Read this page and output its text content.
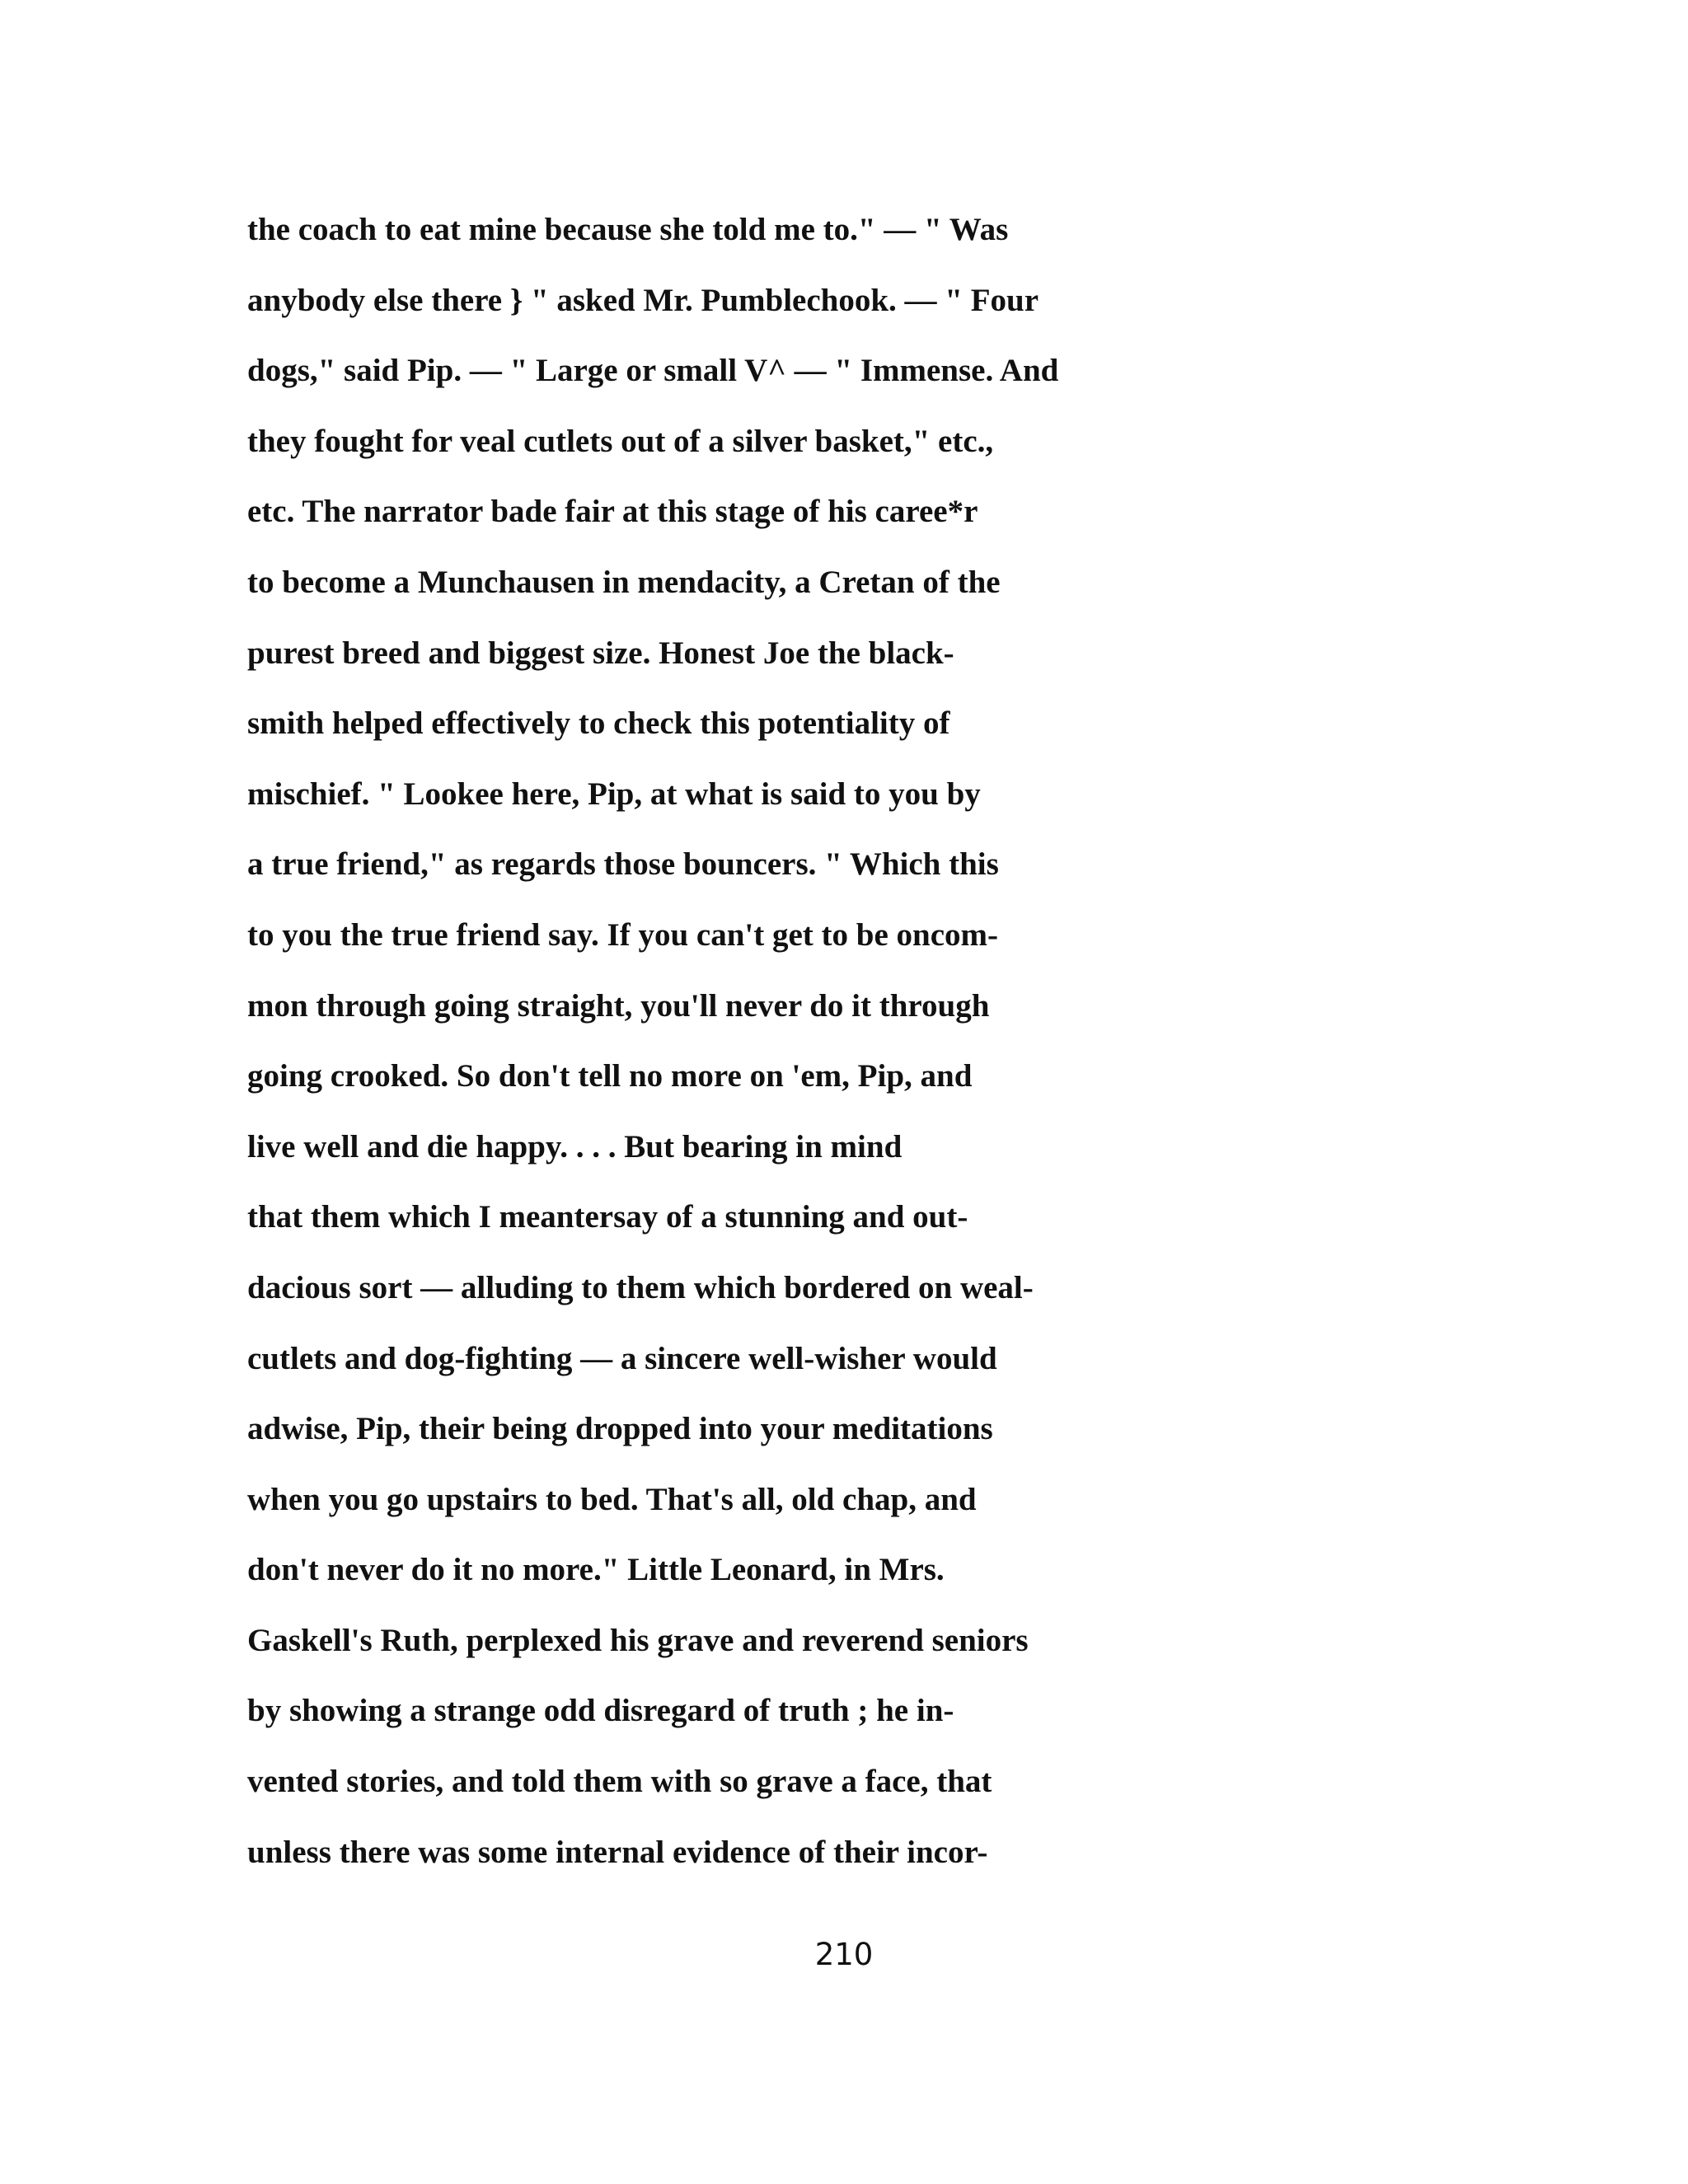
the coach to eat mine because she told me to." — " Was
anybody else there } " asked Mr. Pumblechook. — " Four
dogs," said Pip. — " Large or small V^ — " Immense. And
they fought for veal cutlets out of a silver basket," etc.,
etc. The narrator bade fair at this stage of his caree*r
to become a Munchausen in mendacity, a Cretan of the
purest breed and biggest size. Honest Joe the black-
smith helped effectively to check this potentiality of
mischief. " Lookee here, Pip, at what is said to you by
a true friend," as regards those bouncers. " Which this
to you the true friend say. If you can't get to be oncom-
mon through going straight, you'll never do it through
going crooked. So don't tell no more on 'em, Pip, and
live well and die happy. . . . But bearing in mind
that them which I meantersay of a stunning and out-
dacious sort — alluding to them which bordered on weal-
cutlets and dog-fighting — a sincere well-wisher would
adwise, Pip, their being dropped into your meditations
when you go upstairs to bed. That's all, old chap, and
don't never do it no more." Little Leonard, in Mrs.
Gaskell's Ruth, perplexed his grave and reverend seniors
by showing a strange odd disregard of truth ; he in-
vented stories, and told them with so grave a face, that
unless there was some internal evidence of their incor-
210
